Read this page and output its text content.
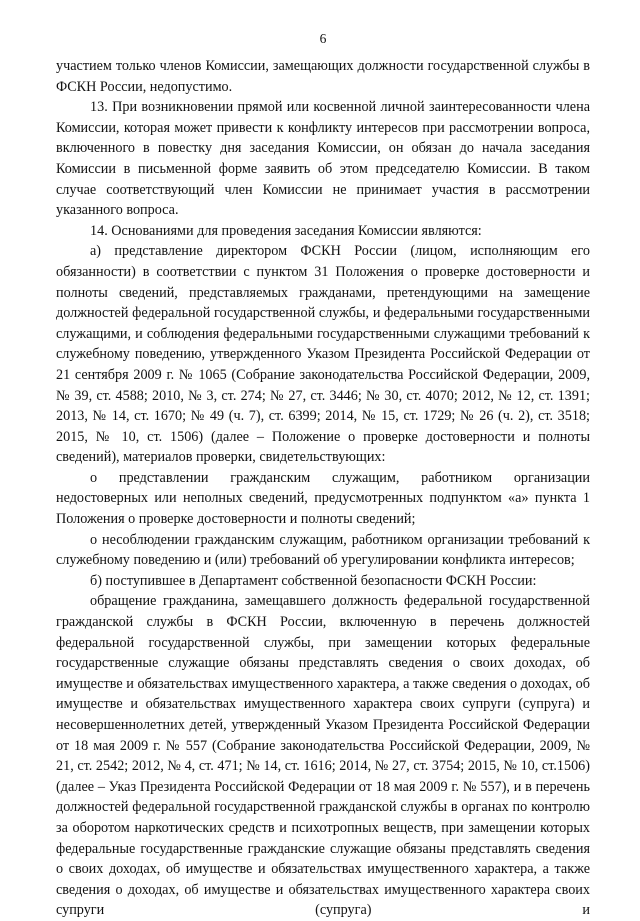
6

участием только членов Комиссии, замещающих должности государственной службы в ФСКН России, недопустимо.

13. При возникновении прямой или косвенной личной заинтересованности члена Комиссии, которая может привести к конфликту интересов при рассмотрении вопроса, включенного в повестку дня заседания Комиссии, он обязан до начала заседания Комиссии в письменной форме заявить об этом председателю Комиссии. В таком случае соответствующий член Комиссии не принимает участия в рассмотрении указанного вопроса.

14. Основаниями для проведения заседания Комиссии являются:

а) представление директором ФСКН России (лицом, исполняющим его обязанности) в соответствии с пунктом 31 Положения о проверке достоверности и полноты сведений, представляемых гражданами, претендующими на замещение должностей федеральной государственной службы, и федеральными государственными служащими, и соблюдения федеральными государственными служащими требований к служебному поведению, утвержденного Указом Президента Российской Федерации от 21 сентября 2009 г. № 1065 (Собрание законодательства Российской Федерации, 2009, № 39, ст. 4588; 2010, № 3, ст. 274; № 27, ст. 3446; № 30, ст. 4070; 2012, № 12, ст. 1391; 2013, № 14, ст. 1670; № 49 (ч. 7), ст. 6399; 2014, № 15, ст. 1729; № 26 (ч. 2), ст. 3518; 2015, № 10, ст. 1506) (далее – Положение о проверке достоверности и полноты сведений), материалов проверки, свидетельствующих:

о представлении гражданским служащим, работником организации недостоверных или неполных сведений, предусмотренных подпунктом «а» пункта 1 Положения о проверке достоверности и полноты сведений;

о несоблюдении гражданским служащим, работником организации требований к служебному поведению и (или) требований об урегулировании конфликта интересов;

б) поступившее в Департамент собственной безопасности ФСКН России:

обращение гражданина, замещавшего должность федеральной государственной гражданской службы в ФСКН России, включенную в перечень должностей федеральной государственной службы, при замещении которых федеральные государственные служащие обязаны представлять сведения о своих доходах, об имуществе и обязательствах имущественного характера, а также сведения о доходах, об имуществе и обязательствах имущественного характера своих супруги (супруга) и несовершеннолетних детей, утвержденный Указом Президента Российской Федерации от 18 мая 2009 г. № 557 (Собрание законодательства Российской Федерации, 2009, № 21, ст. 2542; 2012, № 4, ст. 471; № 14, ст. 1616; 2014, № 27, ст. 3754; 2015, № 10, ст.1506) (далее – Указ Президента Российской Федерации от 18 мая 2009 г. № 557), и в перечень должностей федеральной государственной гражданской службы в органах по контролю за оборотом наркотических средств и психотропных веществ, при замещении которых федеральные государственные гражданские служащие обязаны представлять сведения о своих доходах, об имуществе и обязательствах имущественного характера, а также сведения о доходах, об имуществе и обязательствах имущественного характера своих супруги (супруга) и
